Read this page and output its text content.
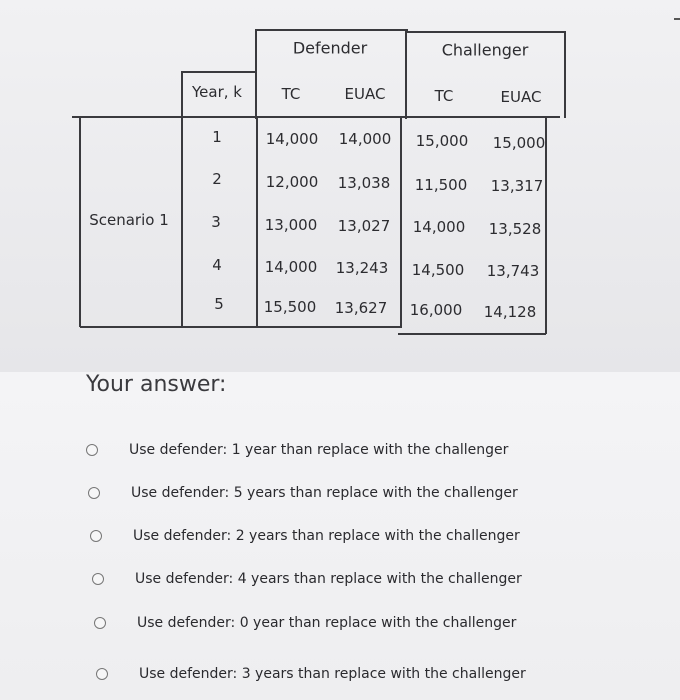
Defender	Challenger
Year, k	TC	EUAC	TC	EUAC
Scenario 1
1	14,000 14,000 15,000 15,000
2	12,000 13,038 11,500 13,317
3	13,000 13,027 14,000 13,528
4	14,000 13,243 14,500 13,743
5	15,500 13,627 16,000 14,128
Your answer:
Use defender: 1 year than replace with the challenger
Use defender: 5 years than replace with the challenger
Use defender: 2 years than replace with the challenger
Use defender: 4 years than replace with the challenger
Use defender: 0 year than replace with the challenger
Use defender: 3 years than replace with the challenger
